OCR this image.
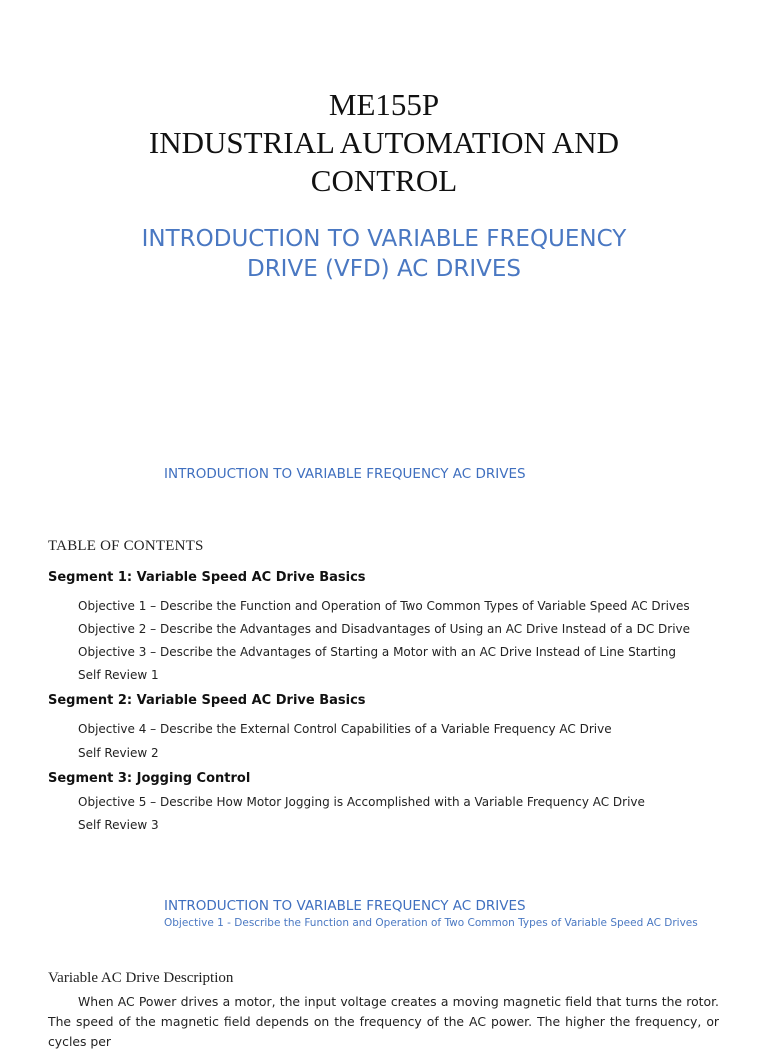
ME155P
INDUSTRIAL AUTOMATION AND
CONTROL
INTRODUCTION TO VARIABLE FREQUENCY
DRIVE (VFD) AC DRIVES
INTRODUCTION TO VARIABLE FREQUENCY AC DRIVES
TABLE OF CONTENTS
Segment 1: Variable Speed AC Drive Basics
Objective 1 – Describe the Function and Operation of Two Common Types of Variable Speed AC Drives
Objective 2 – Describe the Advantages and Disadvantages of Using an AC Drive Instead of a DC Drive
Objective 3 – Describe the Advantages of Starting a Motor with an AC Drive Instead of Line Starting
Self Review 1
Segment 2: Variable Speed AC Drive Basics
Objective 4 – Describe the External Control Capabilities of a Variable Frequency AC Drive
Self Review 2
Segment 3: Jogging Control
Objective 5 – Describe How Motor Jogging is Accomplished with a Variable Frequency AC Drive
Self Review 3
INTRODUCTION TO VARIABLE FREQUENCY AC DRIVES
Objective 1 - Describe the Function and Operation of Two Common Types of Variable Speed AC Drives
Variable AC Drive Description
When AC Power drives a motor, the input voltage creates a moving magnetic field that turns the rotor. The speed of the magnetic field depends on the frequency of the AC power. The higher the frequency, or cycles per
